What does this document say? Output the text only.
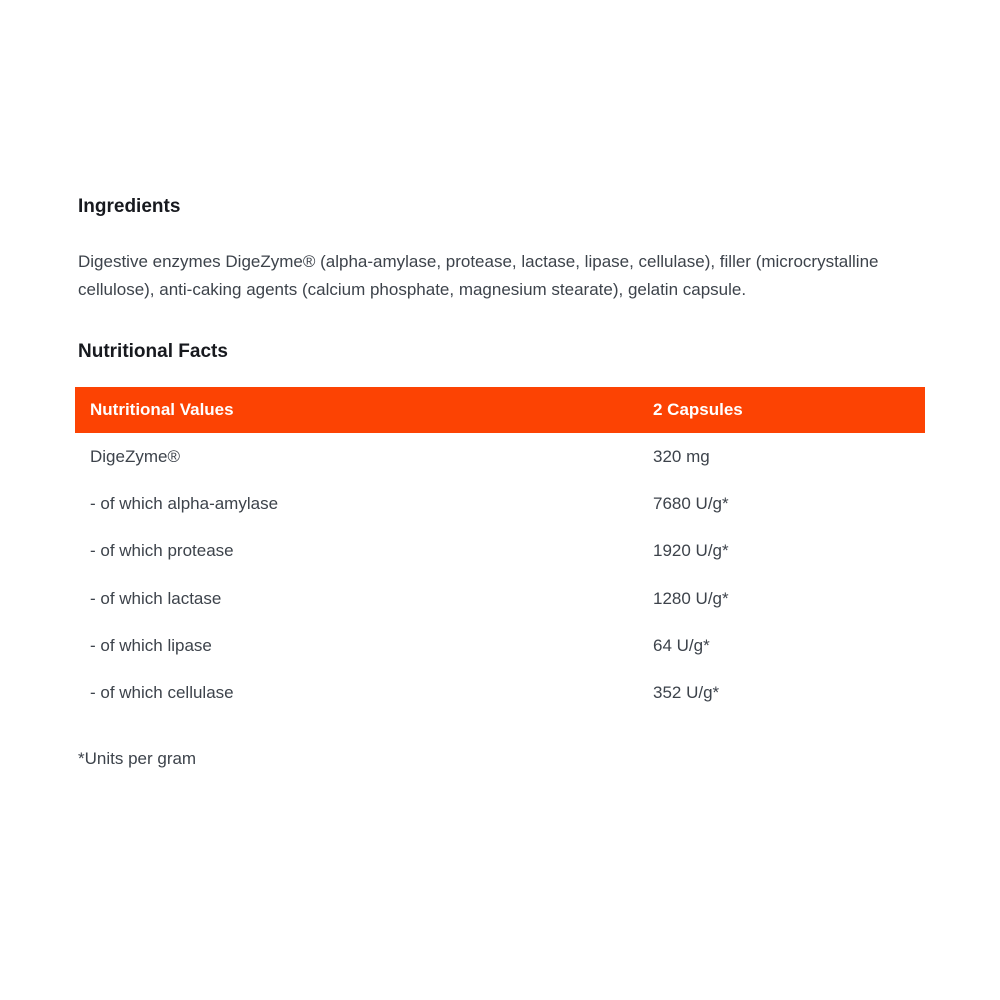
Ingredients

Digestive enzymes DigeZyme® (alpha-amylase, protease, lactase, lipase, cellulase), filler (microcrystalline cellulose), anti-caking agents (calcium phosphate, magnesium stearate), gelatin capsule.

Nutritional Facts
Nutritional Values	2 Capsules
DigeZyme®	320 mg
- of which alpha-amylase	7680 U/g*
- of which protease	1920 U/g*
- of which lactase	1280 U/g*
- of which lipase	64 U/g*
- of which cellulase	352 U/g*

*Units per gram
